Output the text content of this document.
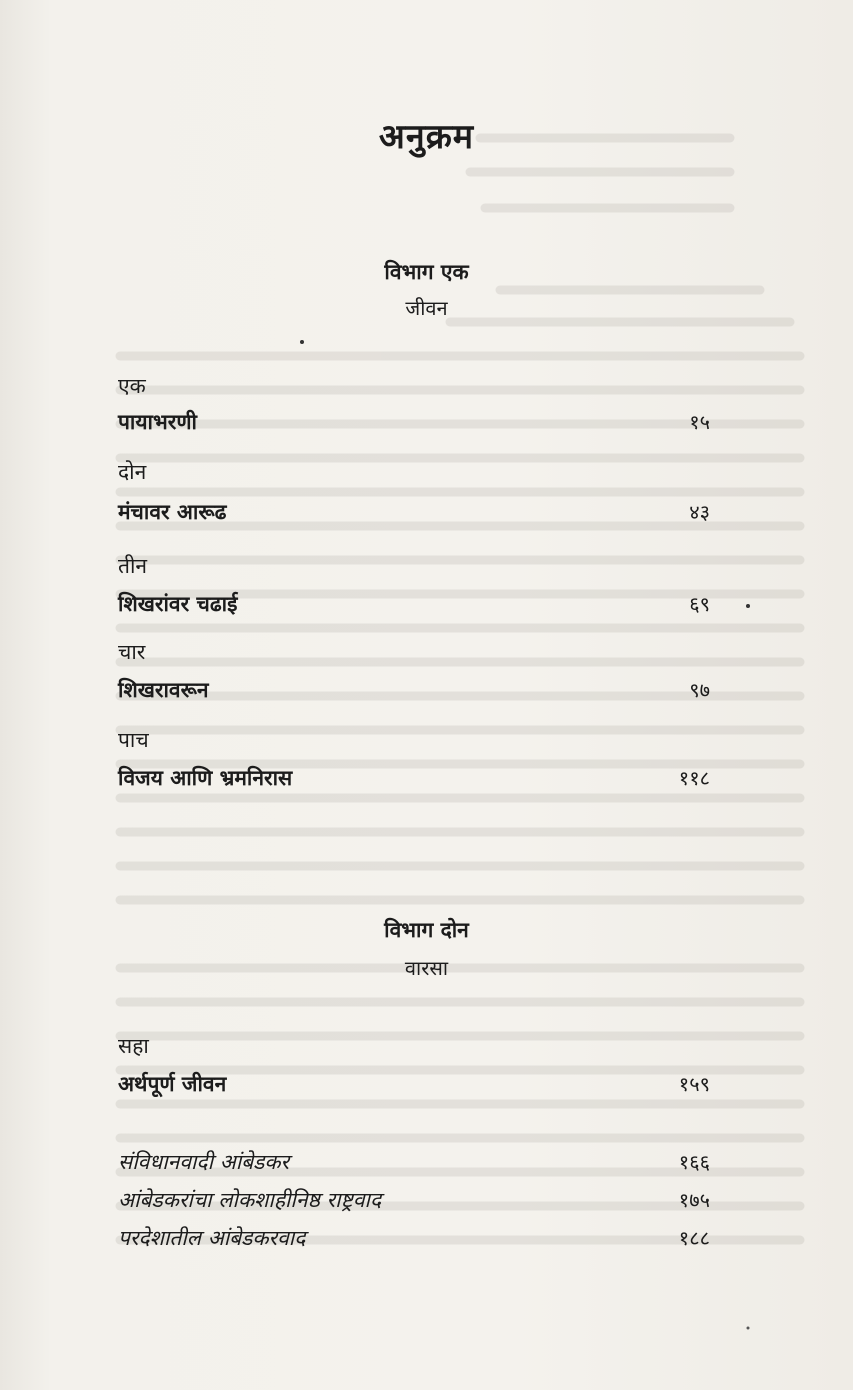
अनुक्रम
विभाग एक
जीवन
एक
पायाभरणी	१५
दोन
मंचावर आरूढ	४३
तीन
शिखरांवर चढाई	६९
चार
शिखरावरून	९७
पाच
विजय आणि भ्रमनिरास	११८
विभाग दोन
वारसा
सहा
अर्थपूर्ण जीवन	१५९
संविधानवादी आंबेडकर	१६६
आंबेडकरांचा लोकशाहीनिष्ठ राष्ट्रवाद	१७५
परदेशातील आंबेडकरवाद	१८८
